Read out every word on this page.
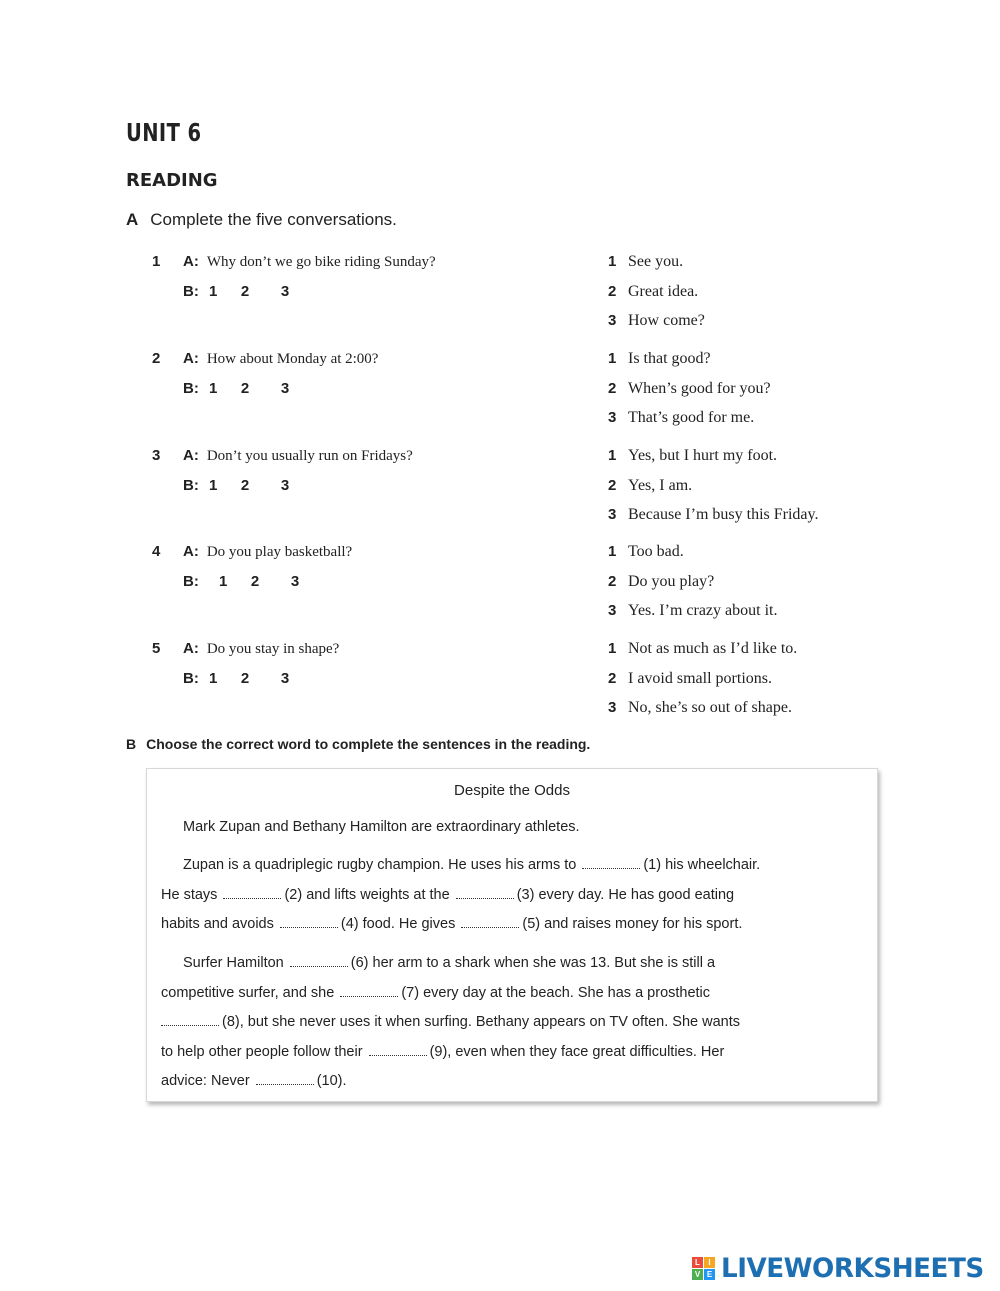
UNIT 6
READING
A Complete the five conversations.
1 A: Why don’t we go bike riding Sunday?
B: 1 2 3
1 See you.
2 Great idea.
3 How come?
2 A: How about Monday at 2:00?
B: 1 2 3
1 Is that good?
2 When’s good for you?
3 That’s good for me.
3 A: Don’t you usually run on Fridays?
B: 1 2 3
1 Yes, but I hurt my foot.
2 Yes, I am.
3 Because I’m busy this Friday.
4 A: Do you play basketball?
B: 1 2 3
1 Too bad.
2 Do you play?
3 Yes. I’m crazy about it.
5 A: Do you stay in shape?
B: 1 2 3
1 Not as much as I’d like to.
2 I avoid small portions.
3 No, she’s so out of shape.
B Choose the correct word to complete the sentences in the reading.
Despite the Odds
Mark Zupan and Bethany Hamilton are extraordinary athletes.
Zupan is a quadriplegic rugby champion. He uses his arms to	(1) his wheelchair.
He stays	(2) and lifts weights at the	(3) every day. He has good eating
habits and avoids	(4) food. He gives	(5) and raises money for his sport.
Surfer Hamilton	(6) her arm to a shark when she was 13. But she is still a
competitive surfer, and she	(7) every day at the beach. She has a prosthetic
(8), but she never uses it when surfing. Bethany appears on TV often. She wants
to help other people follow their	(9), even when they face great difficulties. Her
advice: Never	(10).
L	I
V E LIVEWORKSHEETS
